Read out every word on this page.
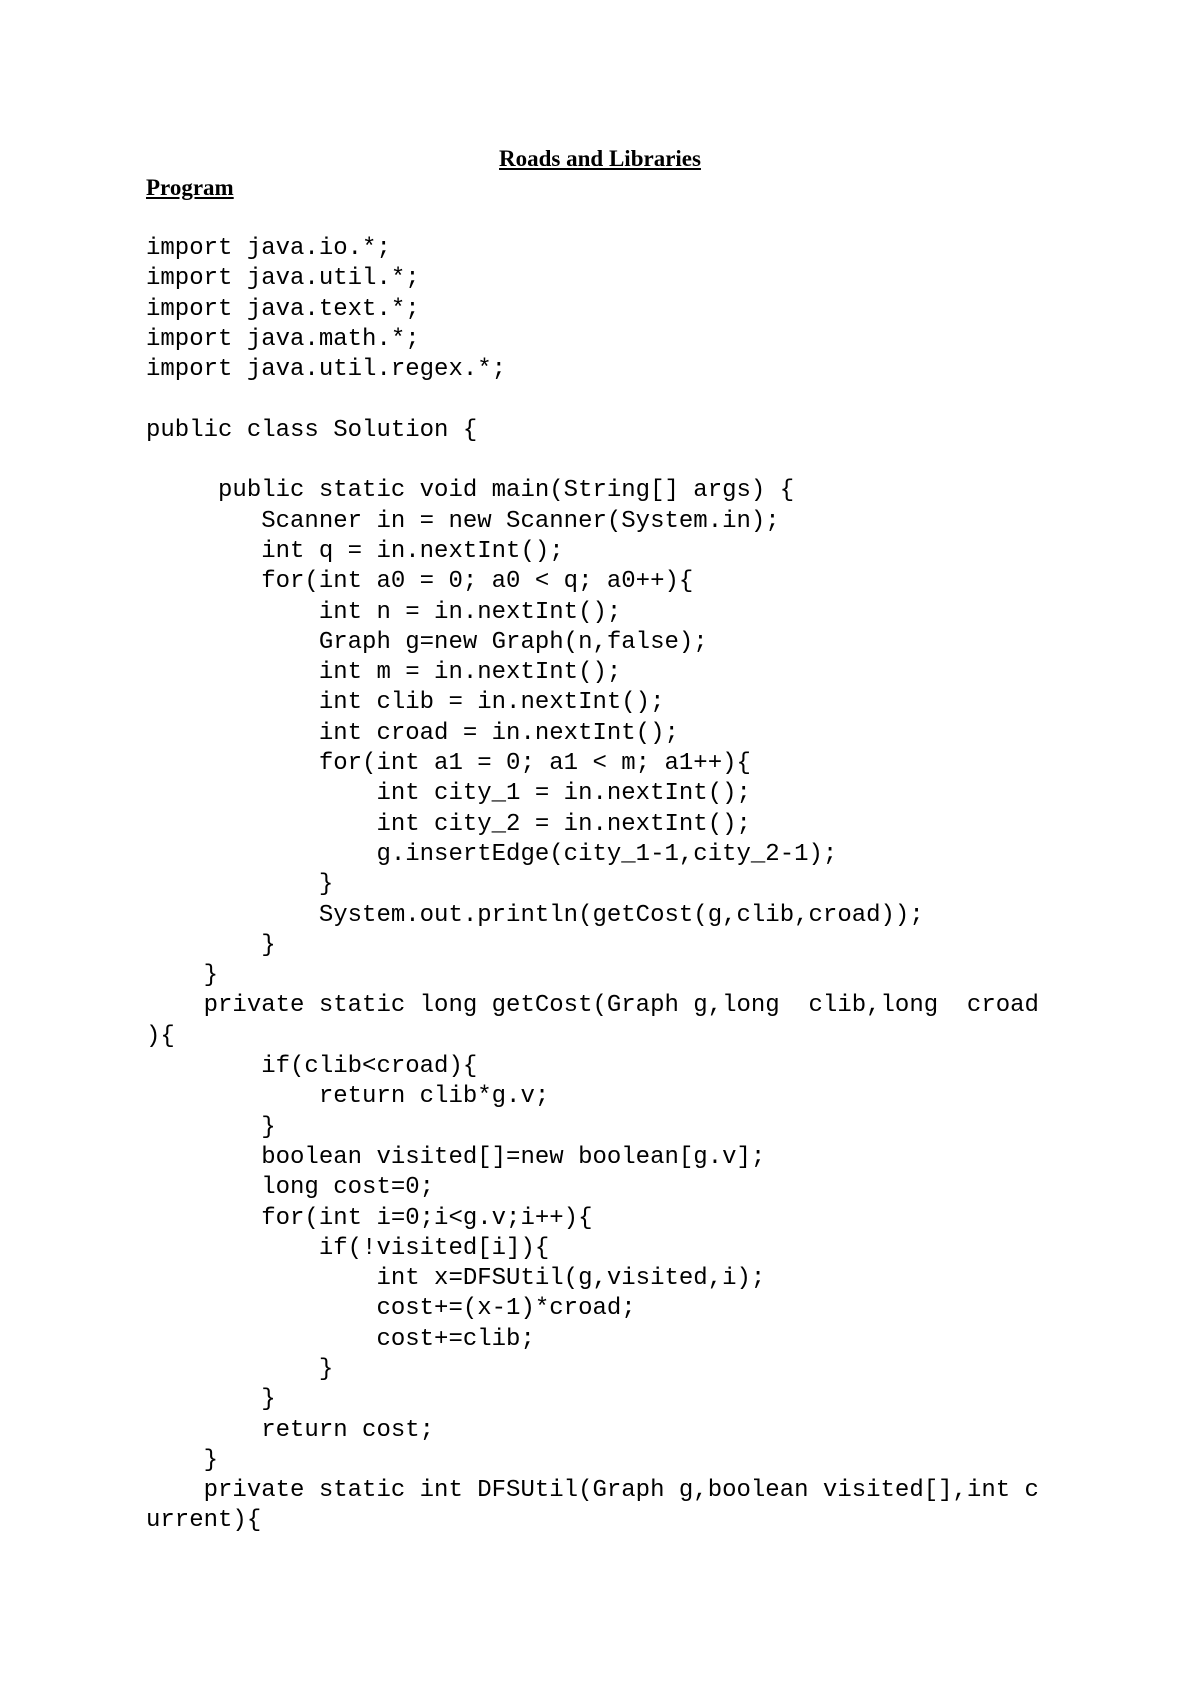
Roads and Libraries
Program
import java.io.*;
import java.util.*;
import java.text.*;
import java.math.*;
import java.util.regex.*;

public class Solution {

public static void main(String[] args) {
Scanner in = new Scanner(System.in);
int q = in.nextInt();
for(int a0 = 0; a0 < q; a0++){
int n = in.nextInt();
Graph g=new Graph(n,false);
int m = in.nextInt();
int clib = in.nextInt();
int croad = in.nextInt();
for(int a1 = 0; a1 < m; a1++){
int city_1 = in.nextInt();
int city_2 = in.nextInt();
g.insertEdge(city_1-1,city_2-1);
}
System.out.println(getCost(g,clib,croad));
}
}
private static long getCost(Graph g,long  clib,long  croad
){
if(clib<croad){
return clib*g.v;
}
boolean visited[]=new boolean[g.v];
long cost=0;
for(int i=0;i<g.v;i++){
if(!visited[i]){
int x=DFSUtil(g,visited,i);
cost+=(x-1)*croad;
cost+=clib;
}
}
return cost;
}
private static int DFSUtil(Graph g,boolean visited[],int c
urrent){
